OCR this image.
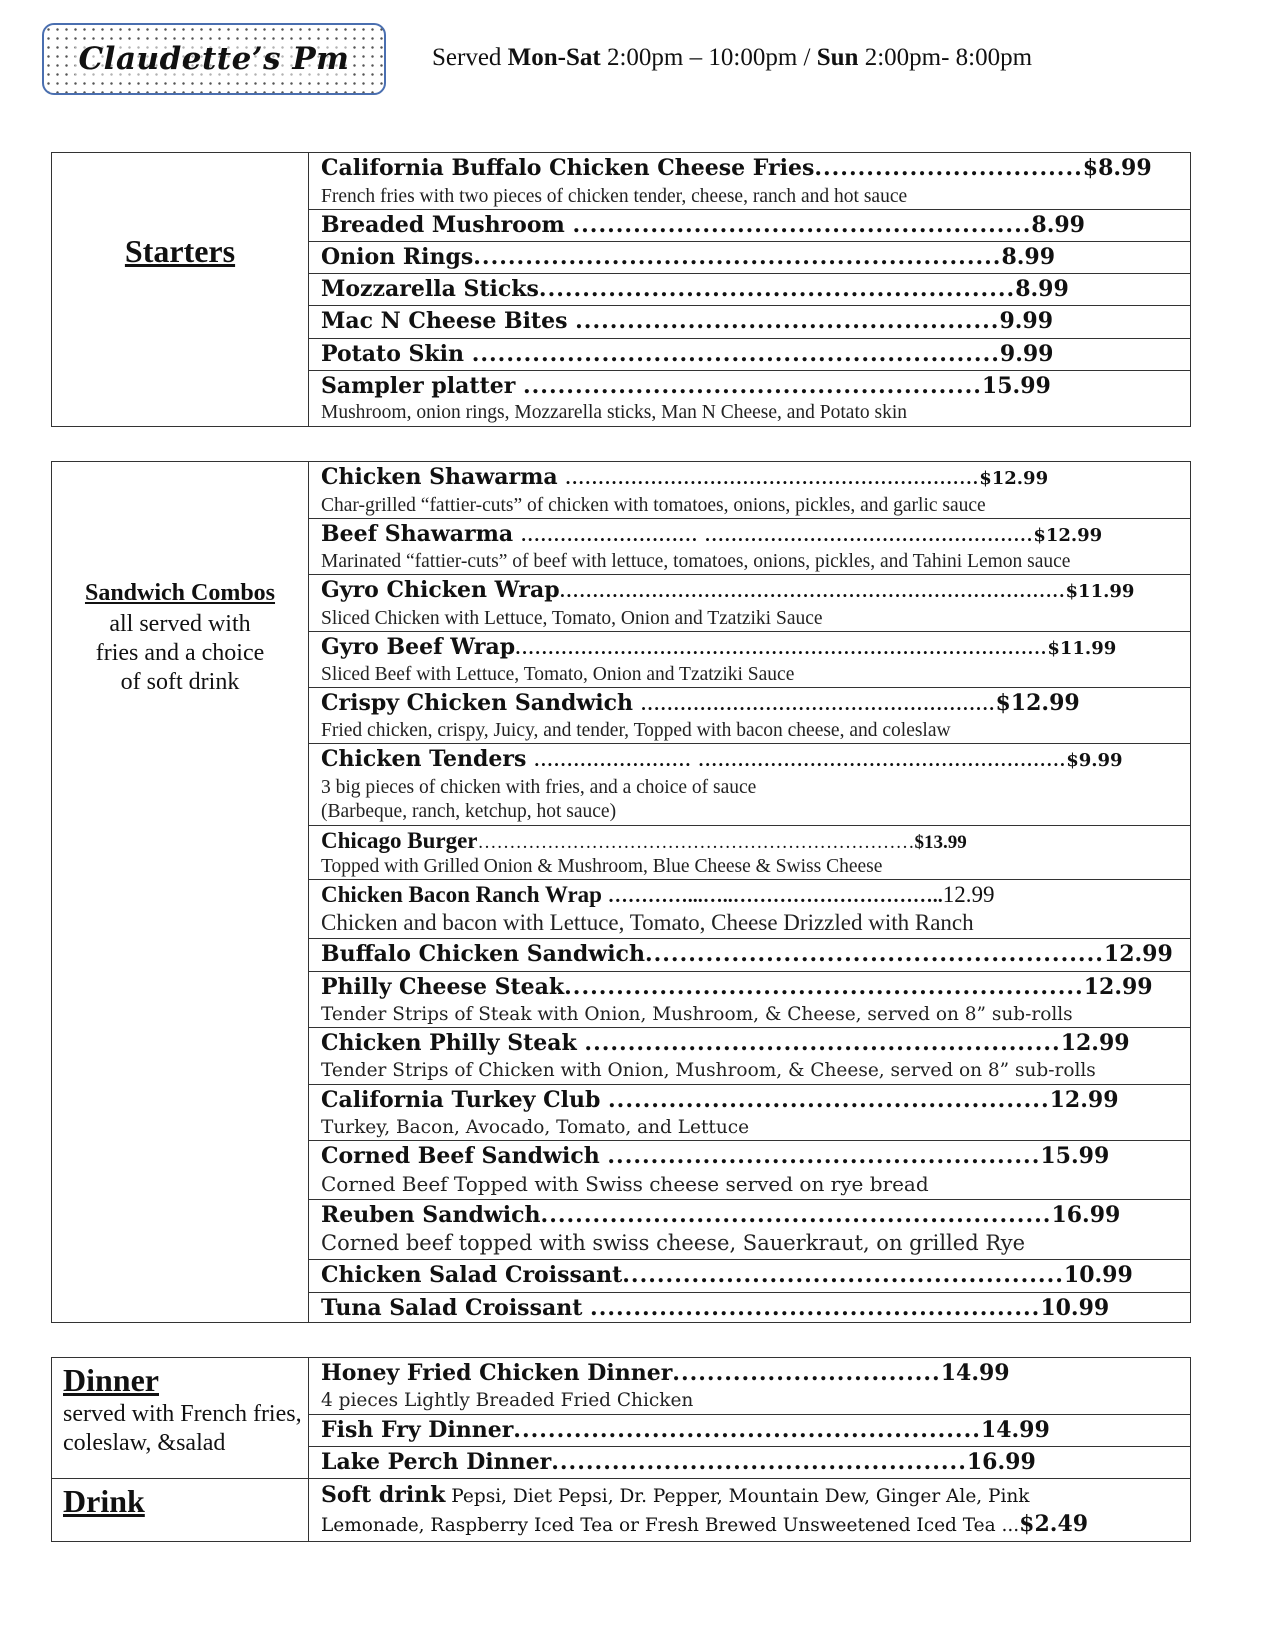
Claudette’s Pm	Served Mon-Sat 2:00pm – 10:00pm / Sun 2:00pm- 8:00pm
Starters
California Buffalo Chicken Cheese Fries...............................$8.99
French fries with two pieces of chicken tender, cheese, ranch and hot sauce
Breaded Mushroom .....................................................8.99
Onion Rings.............................................................8.99
Mozzarella Sticks.......................................................8.99
Mac N Cheese Bites .................................................9.99
Potato Skin .............................................................9.99
Sampler platter .....................................................15.99
Mushroom, onion rings, Mozzarella sticks, Man N Cheese, and Potato skin
Sandwich Combos
all served with fries and a choice of soft drink
Chicken Shawarma ...............................................................$12.99
Char-grilled “fattier-cuts” of chicken with tomatoes, onions, pickles, and garlic sauce
Beef Shawarma ........................... ..................................................$12.99
Marinated “fattier-cuts” of beef with lettuce, tomatoes, onions, pickles, and Tahini Lemon sauce
Gyro Chicken Wrap.............................................................................$11.99
Sliced Chicken with Lettuce, Tomato, Onion and Tzatziki Sauce
Gyro Beef Wrap.................................................................................$11.99
Sliced Beef with Lettuce, Tomato, Onion and Tzatziki Sauce
Crispy Chicken Sandwich ......................................................$12.99
Fried chicken, crispy, Juicy, and tender, Topped with bacon cheese, and coleslaw
Chicken Tenders ........................ ........................................................$9.99
3 big pieces of chicken with fries, and a choice of sauce
(Barbeque, ranch, ketchup, hot sauce)
Chicago Burger……………………………………………………………$13.99
Topped with Grilled Onion & Mushroom, Blue Cheese & Swiss Cheese
Chicken Bacon Ranch Wrap …………...…..…………………………..12.99
Chicken and bacon with Lettuce, Tomato, Cheese Drizzled with Ranch
Buffalo Chicken Sandwich.....................................................12.99
Philly Cheese Steak............................................................12.99
Tender Strips of Steak with Onion, Mushroom, & Cheese, served on 8” sub-rolls
Chicken Philly Steak .......................................................12.99
Tender Strips of Chicken with Onion, Mushroom, & Cheese, served on 8” sub-rolls
California Turkey Club ...................................................12.99
Turkey, Bacon, Avocado, Tomato, and Lettuce
Corned Beef Sandwich ..................................................15.99
Corned Beef Topped with Swiss cheese served on rye bread
Reuben Sandwich...........................................................16.99
Corned beef topped with swiss cheese, Sauerkraut, on grilled Rye
Chicken Salad Croissant...................................................10.99
Tuna Salad Croissant ....................................................10.99
Dinner
served with French fries, coleslaw, &salad
Honey Fried Chicken Dinner...............................14.99
4 pieces Lightly Breaded Fried Chicken
Fish Fry Dinner......................................................14.99
Lake Perch Dinner................................................16.99
Drink	Soft drink Pepsi, Diet Pepsi, Dr. Pepper, Mountain Dew, Ginger Ale, Pink
Lemonade, Raspberry Iced Tea or Fresh Brewed Unsweetened Iced Tea ...$2.49
